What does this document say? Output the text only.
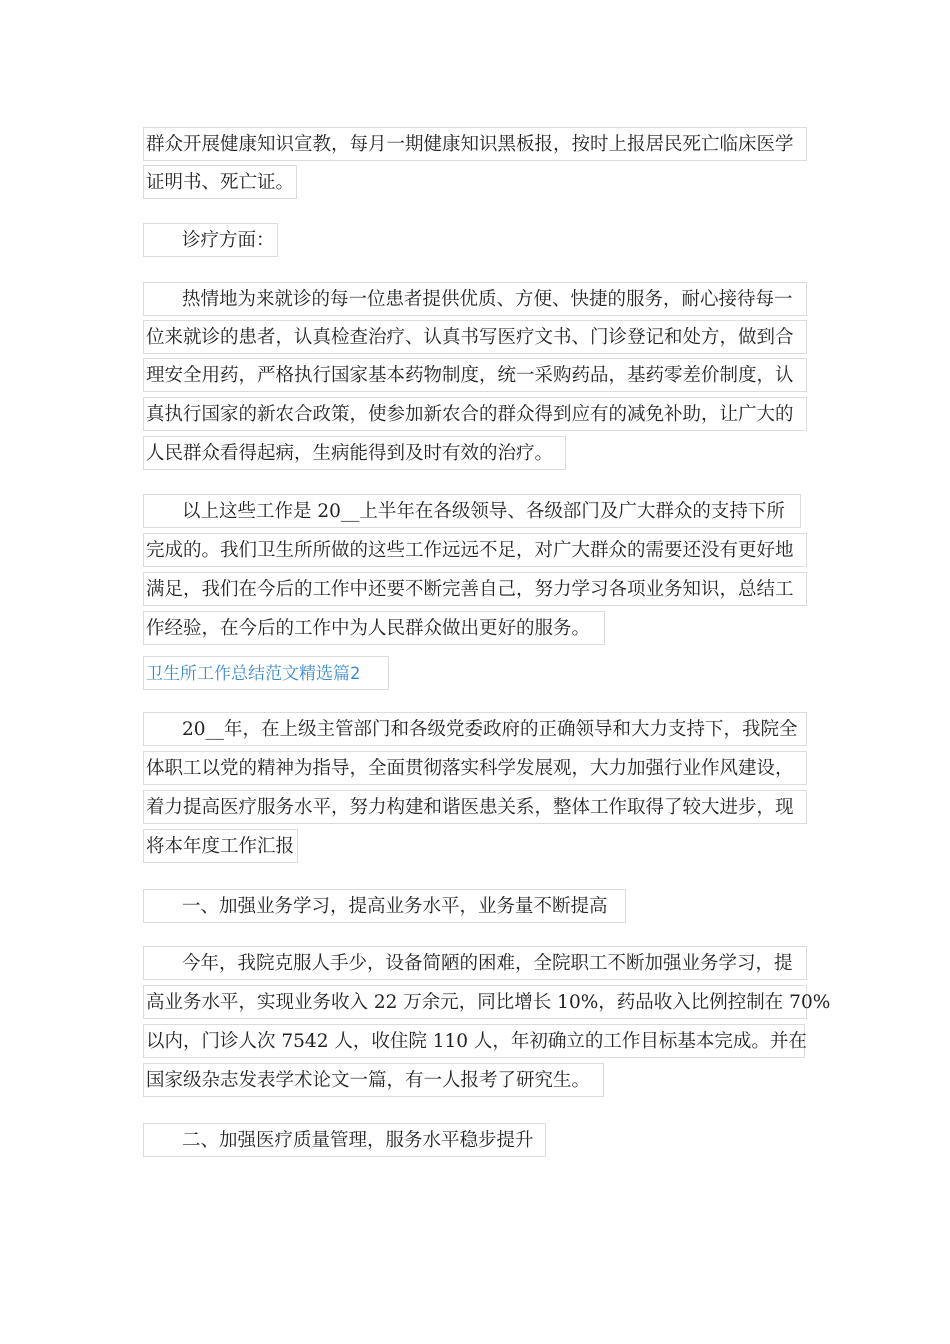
群众开展健康知识宣教，每月一期健康知识黑板报，按时上报居民死亡临床医学
证明书、死亡证。
诊疗方面：
热情地为来就诊的每一位患者提供优质、方便、快捷的服务，耐心接待每一
位来就诊的患者，认真检查治疗、认真书写医疗文书、门诊登记和处方，做到合
理安全用药，严格执行国家基本药物制度，统一采购药品，基药零差价制度，认
真执行国家的新农合政策，使参加新农合的群众得到应有的减免补助，让广大的
人民群众看得起病，生病能得到及时有效的治疗。
以上这些工作是 20__上半年在各级领导、各级部门及广大群众的支持下所
完成的。我们卫生所所做的这些工作远远不足，对广大群众的需要还没有更好地
满足，我们在今后的工作中还要不断完善自己，努力学习各项业务知识，总结工
作经验，在今后的工作中为人民群众做出更好的服务。
卫生所工作总结范文精选篇2
20__年，在上级主管部门和各级党委政府的正确领导和大力支持下，我院全
体职工以党的精神为指导，全面贯彻落实科学发展观，大力加强行业作风建设，
着力提高医疗服务水平，努力构建和谐医患关系，整体工作取得了较大进步，现
将本年度工作汇报
一、加强业务学习，提高业务水平，业务量不断提高
今年，我院克服人手少，设备简陋的困难，全院职工不断加强业务学习，提
高业务水平，实现业务收入 22 万余元，同比增长 10%，药品收入比例控制在 70%
以内，门诊人次 7542 人，收住院 110 人，年初确立的工作目标基本完成。并在
国家级杂志发表学术论文一篇，有一人报考了研究生。
二、加强医疗质量管理，服务水平稳步提升
